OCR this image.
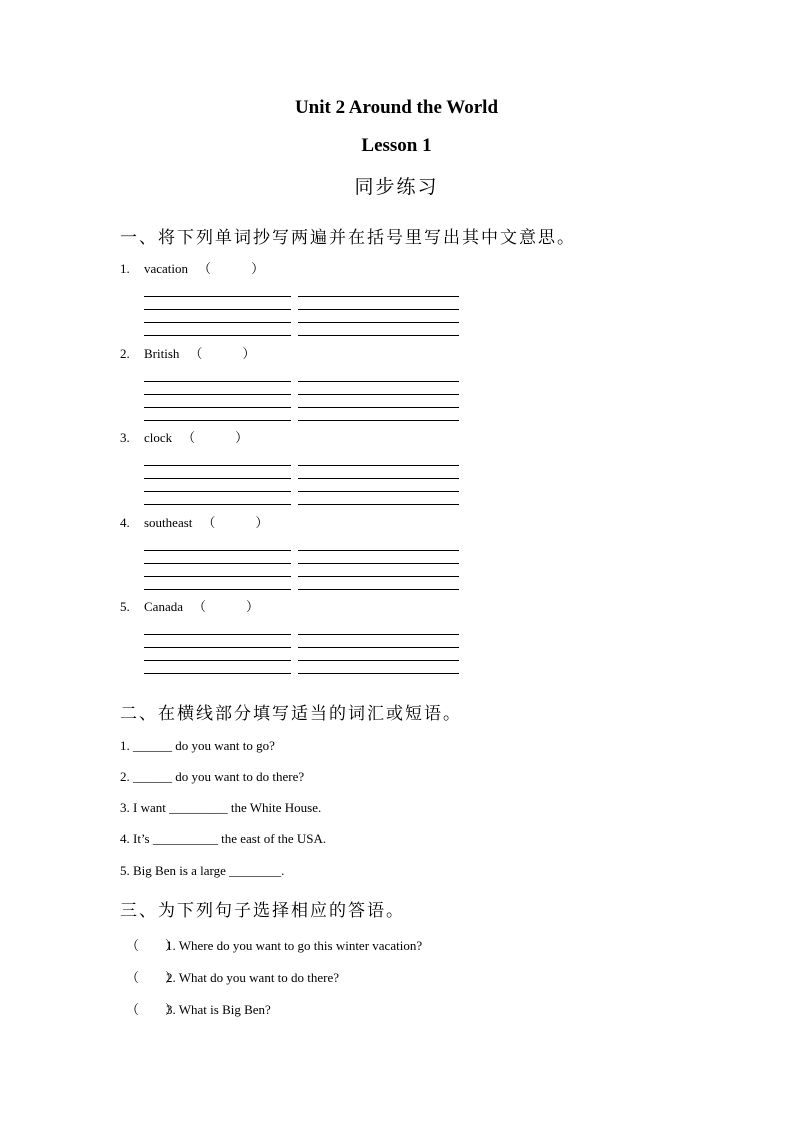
Unit 2 Around the World
Lesson 1
同步练习
一、将下列单词抄写两遍并在括号里写出其中文意思。
1. vacation （	）
2. British （	）
3. clock （	）
4. southeast （	）
5. Canada （	）
二、在横线部分填写适当的词汇或短语。
1. ______ do you want to go?
2. ______ do you want to do there?
3. I want _________ the White House.
4. It’s __________ the east of the USA.
5. Big Ben is a large ________.
三、为下列句子选择相应的答语。
（　　）1. Where do you want to go this winter vacation?
（　　）2. What do you want to do there?
（　　）3. What is Big Ben?
